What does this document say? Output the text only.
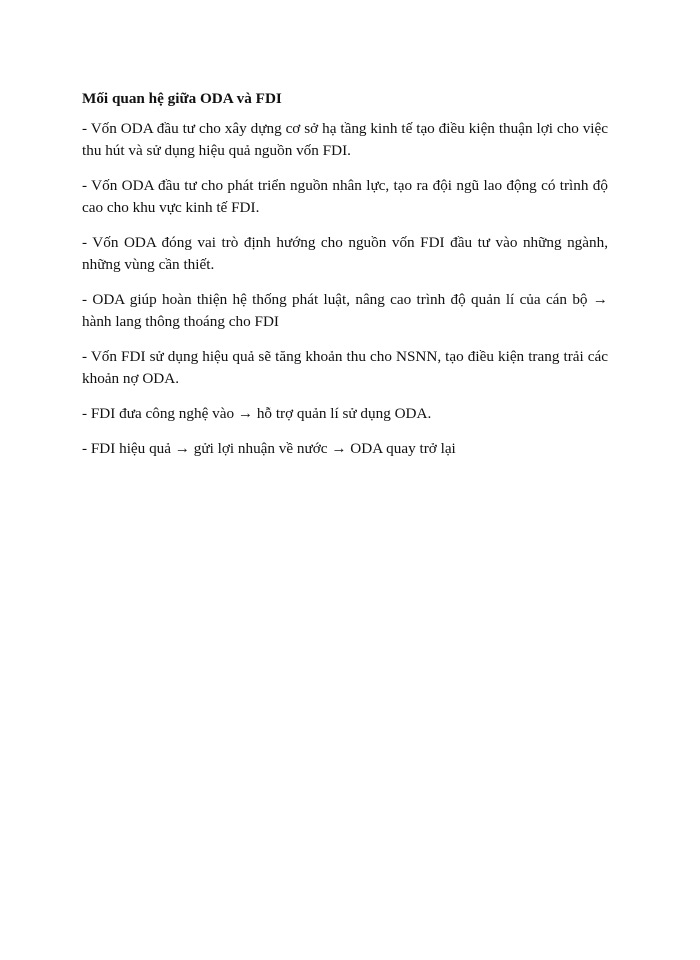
Mối quan hệ giữa ODA và FDI

- Vốn ODA đầu tư cho xây dựng cơ sở hạ tầng kinh tế tạo điều kiện thuận lợi cho việc thu hút và sử dụng hiệu quả nguồn vốn FDI.

- Vốn ODA đầu tư cho phát triển nguồn nhân lực, tạo ra đội ngũ lao động có trình độ cao cho khu vực kinh tế FDI.

- Vốn ODA đóng vai trò định hướng cho nguồn vốn FDI đầu tư vào những ngành, những vùng cần thiết.

- ODA giúp hoàn thiện hệ thống phát luật, nâng cao trình độ quản lí của cán bộ → hành lang thông thoáng cho FDI

- Vốn FDI sử dụng hiệu quả sẽ tăng khoản thu cho NSNN, tạo điều kiện trang trải các khoản nợ ODA.

- FDI đưa công nghệ vào → hỗ trợ quản lí sử dụng ODA.

- FDI hiệu quả → gửi lợi nhuận về nước → ODA quay trở lại
